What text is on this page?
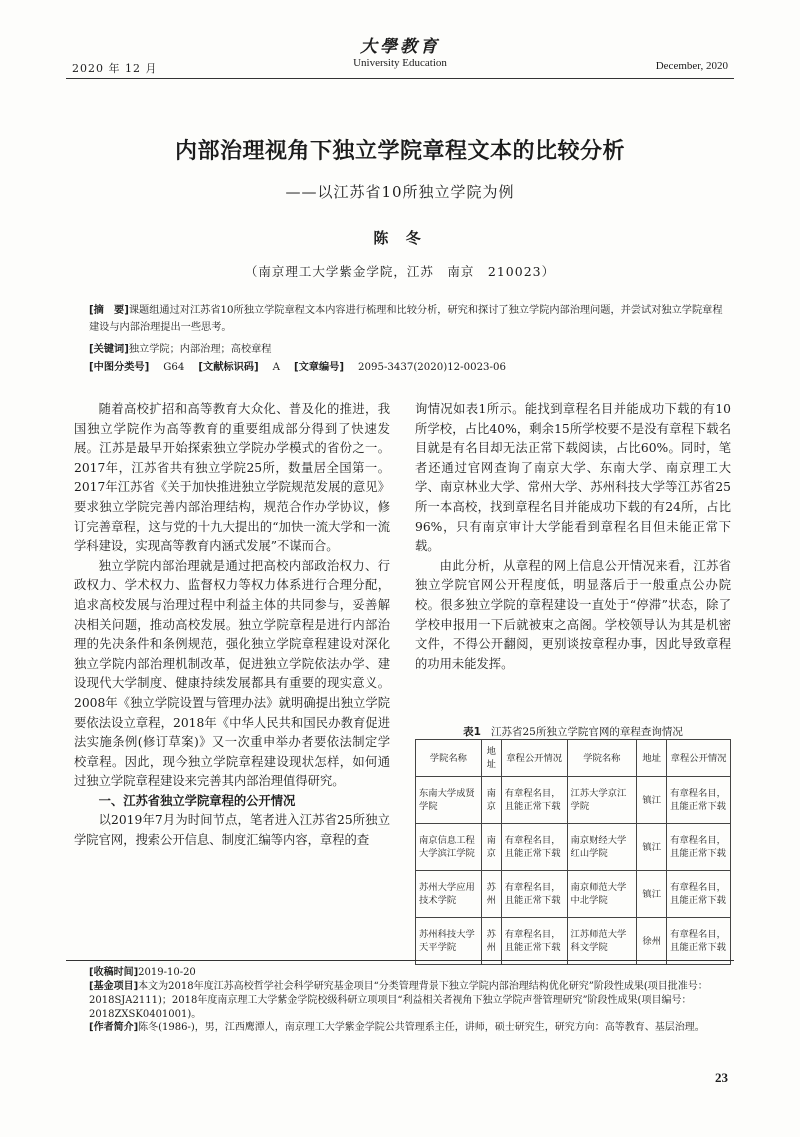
大學教育
University Education
2020 年 12 月	December, 2020
内部治理视角下独立学院章程文本的比较分析
——以江苏省10所独立学院为例
陈 冬
（南京理工大学紫金学院，江苏　南京　210023）
[摘　要]课题组通过对江苏省10所独立学院章程文本内容进行梳理和比较分析，研究和探讨了独立学院内部治理问题，并尝试对独立学院章程建设与内部治理提出一些思考。
[关键词]独立学院；内部治理；高校章程
[中图分类号] G64 [文献标识码] A [文章编号] 2095-3437(2020)12-0023-06

随着高校扩招和高等教育大众化、普及化的推进，我国独立学院作为高等教育的重要组成部分得到了快速发展。江苏是最早开始探索独立学院办学模式的省份之一。2017年，江苏省共有独立学院25所，数量居全国第一。2017年江苏省《关于加快推进独立学院规范发展的意见》要求独立学院完善内部治理结构，规范合作办学协议，修订完善章程，这与党的十九大提出的“加快一流大学和一流学科建设，实现高等教育内涵式发展”不谋而合。

独立学院内部治理就是通过把高校内部政治权力、行政权力、学术权力、监督权力等权力体系进行合理分配，追求高校发展与治理过程中利益主体的共同参与，妥善解决相关问题，推动高校发展。独立学院章程是进行内部治理的先决条件和条例规范，强化独立学院章程建设对深化独立学院内部治理机制改革，促进独立学院依法办学、建设现代大学制度、健康持续发展都具有重要的现实意义。2008年《独立学院设置与管理办法》就明确提出独立学院要依法设立章程，2018年《中华人民共和国民办教育促进法实施条例(修订草案)》又一次重申举办者要依法制定学校章程。因此，现今独立学院章程建设现状怎样，如何通过独立学院章程建设来完善其内部治理值得研究。

一、江苏省独立学院章程的公开情况

以2019年7月为时间节点，笔者进入江苏省25所独立学院官网，搜索公开信息、制度汇编等内容，章程的查

询情况如表1所示。能找到章程名目并能成功下载的有10所学校，占比40%，剩余15所学校要不是没有章程下载名目就是有名目却无法正常下载阅读，占比60%。同时，笔者还通过官网查询了南京大学、东南大学、南京理工大学、南京林业大学、常州大学、苏州科技大学等江苏省25所一本高校，找到章程名目并能成功下载的有24所，占比96%，只有南京审计大学能看到章程名目但未能正常下载。

由此分析，从章程的网上信息公开情况来看，江苏省独立学院官网公开程度低，明显落后于一般重点公办院校。很多独立学院的章程建设一直处于“停滞”状态，除了学校申报用一下后就被束之高阁。学校领导认为其是机密文件，不得公开翻阅，更别谈按章程办事，因此导致章程的功用未能发挥。

表1 江苏省25所独立学院官网的章程查询情况
学院名称	地址	章程公开情况	学院名称	地址	章程公开情况
东南大学成贤学院	南京	有章程名目，且能正常下载	江苏大学京江学院	镇江	有章程名目，且能正常下载
南京信息工程大学滨江学院	南京	有章程名目，且能正常下载	南京财经大学红山学院	镇江	有章程名目，且能正常下载
苏州大学应用技术学院	苏州	有章程名目，且能正常下载	南京师范大学中北学院	镇江	有章程名目，且能正常下载
苏州科技大学天平学院	苏州	有章程名目，且能正常下载	江苏师范大学科文学院	徐州	有章程名目，且能正常下载
[收稿时间]2019-10-20
[基金项目]本文为2018年度江苏高校哲学社会科学研究基金项目“分类管理背景下独立学院内部治理结构优化研究”阶段性成果(项目批准号：2018SJA2111)；2018年度南京理工大学紫金学院校级科研立项项目“利益相关者视角下独立学院声誉管理研究”阶段性成果(项目编号：2018ZXSK0401001)。
[作者简介]陈冬(1986-)，男，江西鹰潭人，南京理工大学紫金学院公共管理系主任，讲师，硕士研究生，研究方向：高等教育、基层治理。
23
